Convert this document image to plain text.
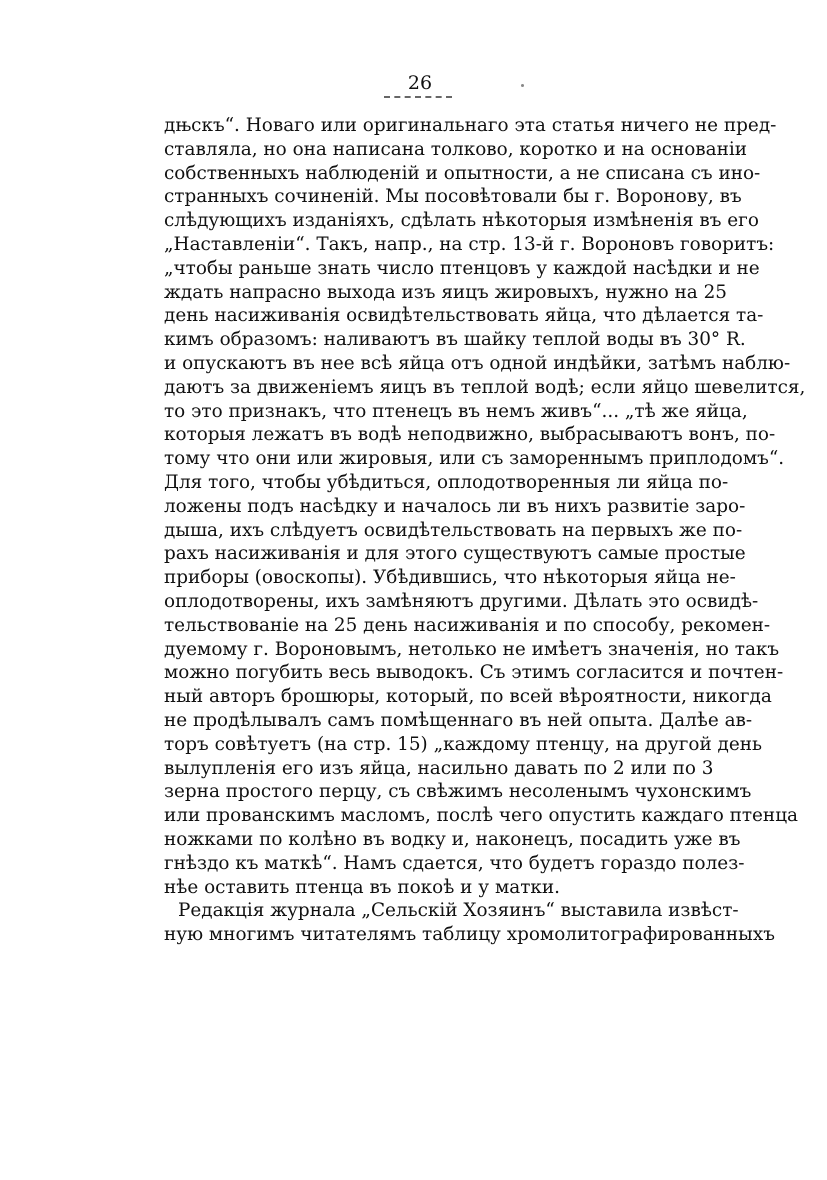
26
дњскъ“. Новаго или оригинальнаго эта статья ничего не пред-
ставляла, но она написана толково, коротко и на основанiи
собственныхъ наблюденiй и опытности, а не списана съ ино-
странныхъ сочиненiй. Мы посовѣтовали бы г. Воронову, въ
слѣдующихъ изданiяхъ, сдѣлать нѣкоторыя измѣненiя въ его
„Наставленiи“. Такъ, напр., на стр. 13-й г. Вороновъ говоритъ:
„чтобы раньше знать число птенцовъ у каждой насѣдки и не
ждать напрасно выхода изъ яицъ жировыхъ, нужно на 25
день насиживанiя освидѣтельствовать яйца, что дѣлается та-
кимъ образомъ: наливаютъ въ шайку теплой воды въ 30° R.
и опускаютъ въ нее всѣ яйца отъ одной индѣйки, затѣмъ наблю-
даютъ за движенiемъ яицъ въ теплой водѣ; если яйцо шевелится,
то это признакъ, что птенецъ въ немъ живъ“... „тѣ же яйца,
которыя лежатъ въ водѣ неподвижно, выбрасываютъ вонъ, по-
тому что они или жировыя, или съ замореннымъ приплодомъ“.
Для того, чтобы убѣдиться, оплодотворенныя ли яйца по-
ложены подъ насѣдку и началось ли въ нихъ развитiе заро-
дыша, ихъ слѣдуетъ освидѣтельствовать на первыхъ же по-
рахъ насиживанiя и для этого существуютъ самые простые
приборы (овоскопы). Убѣдившись, что нѣкоторыя яйца не-
оплодотворены, ихъ замѣняютъ другими. Дѣлать это освидѣ-
тельствованiе на 25 день насиживанiя и по способу, рекомен-
дуемому г. Вороновымъ, нетолько не имѣетъ значенiя, но такъ
можно погубить весь выводокъ. Съ этимъ согласится и почтен-
ный авторъ брошюры, который, по всей вѣроятности, никогда
не продѣлывалъ самъ помѣщеннаго въ ней опыта. Далѣе ав-
торъ совѣтуетъ (на стр. 15) „каждому птенцу, на другой день
вылупленiя его изъ яйца, насильно давать по 2 или по 3
зерна простого перцу, съ свѣжимъ несоленымъ чухонскимъ
или прованскимъ масломъ, послѣ чего опустить каждаго птенца
ножками по колѣно въ водку и, наконецъ, посадить уже въ
гнѣздо къ маткѣ“. Намъ сдается, что будетъ гораздо полез-
нѣе оставить птенца въ покоѣ и у матки.
Редакцiя журнала „Сельскiй Хозяинъ“ выставила извѣст-
ную многимъ читателямъ таблицу хромолитографированныхъ
